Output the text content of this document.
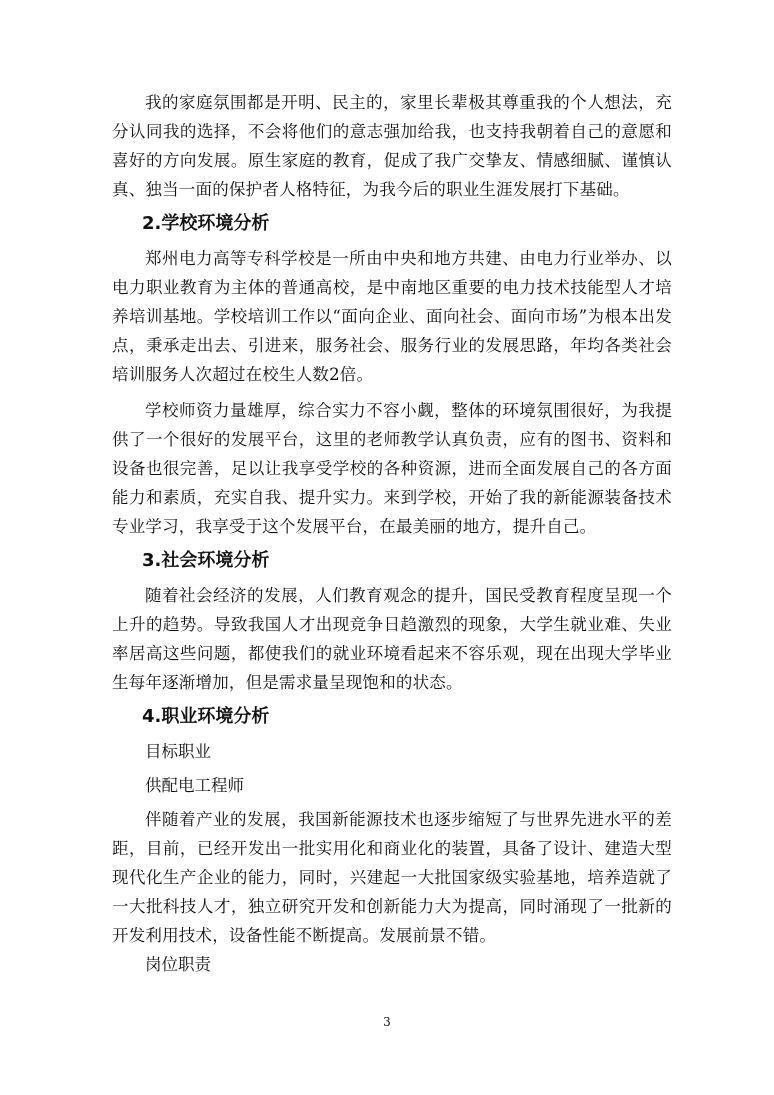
我的家庭氛围都是开明、民主的，家里长辈极其尊重我的个人想法，充分认同我的选择，不会将他们的意志强加给我，也支持我朝着自己的意愿和喜好的方向发展。原生家庭的教育，促成了我广交挚友、情感细腻、谨慎认真、独当一面的保护者人格特征，为我今后的职业生涯发展打下基础。

2.学校环境分析

郑州电力高等专科学校是一所由中央和地方共建、由电力行业举办、以电力职业教育为主体的普通高校，是中南地区重要的电力技术技能型人才培养培训基地。学校培训工作以“面向企业、面向社会、面向市场”为根本出发点，秉承走出去、引进来，服务社会、服务行业的发展思路，年均各类社会培训服务人次超过在校生人数2倍。

学校师资力量雄厚，综合实力不容小觑，整体的环境氛围很好，为我提供了一个很好的发展平台，这里的老师教学认真负责，应有的图书、资料和设备也很完善，足以让我享受学校的各种资源，进而全面发展自己的各方面能力和素质，充实自我、提升实力。来到学校，开始了我的新能源装备技术专业学习，我享受于这个发展平台，在最美丽的地方，提升自己。

3.社会环境分析

随着社会经济的发展，人们教育观念的提升，国民受教育程度呈现一个上升的趋势。导致我国人才出现竞争日趋激烈的现象，大学生就业难、失业率居高这些问题，都使我们的就业环境看起来不容乐观，现在出现大学毕业生每年逐渐增加，但是需求量呈现饱和的状态。

4.职业环境分析

目标职业

供配电工程师

伴随着产业的发展，我国新能源技术也逐步缩短了与世界先进水平的差距，目前，已经开发出一批实用化和商业化的装置，具备了设计、建造大型现代化生产企业的能力，同时，兴建起一大批国家级实验基地，培养造就了一大批科技人才，独立研究开发和创新能力大为提高，同时涌现了一批新的开发利用技术，设备性能不断提高。发展前景不错。

岗位职责

3
